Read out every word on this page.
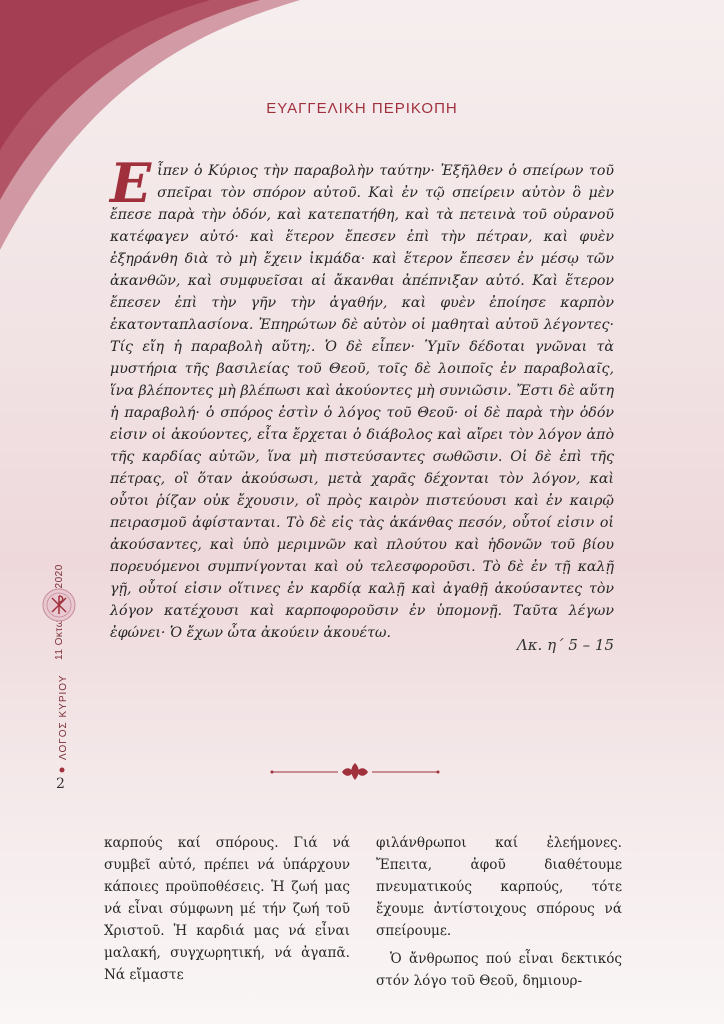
ΕΥΑΓΓΕΛΙΚΗ ΠΕΡΙΚΟΠΗ
Ε ἶπεν ὁ Κύριος τὴν παραβολὴν ταύτην· Ἐξῆλθεν ὁ σπείρων τοῦ σπεῖραι τὸν σπόρον αὐτοῦ. Καὶ ἐν τῷ σπείρειν αὐτὸν ὃ μὲν ἔπεσε παρὰ τὴν ὁδόν, καὶ κατεπατήθη, καὶ τὰ πετεινὰ τοῦ οὐρανοῦ κατέφαγεν αὐτό· καὶ ἕτερον ἔπεσεν ἐπὶ τὴν πέτραν, καὶ φυὲν ἐξηράνθη διὰ τὸ μὴ ἔχειν ἰκμάδα· καὶ ἕτερον ἔπεσεν ἐν μέσῳ τῶν ἀκανθῶν, καὶ συμφυεῖσαι αἱ ἄκανθαι ἀπέπνιξαν αὐτό. Καὶ ἕτερον ἔπεσεν ἐπὶ τὴν γῆν τὴν ἀγαθήν, καὶ φυὲν ἐποίησε καρπὸν ἑκατονταπλασίονα. Ἐπηρώτων δὲ αὐτὸν οἱ μαθηταὶ αὐτοῦ λέγοντες· Τίς εἴη ἡ παραβολὴ αὕτη;. Ὁ δὲ εἶπεν· Ὑμῖν δέδοται γνῶναι τὰ μυστήρια τῆς βασιλείας τοῦ Θεοῦ, τοῖς δὲ λοιποῖς ἐν παραβολαῖς, ἵνα βλέποντες μὴ βλέπωσι καὶ ἀκούοντες μὴ συνιῶσιν. Ἔστι δὲ αὕτη ἡ παραβολή· ὁ σπόρος ἐστὶν ὁ λόγος τοῦ Θεοῦ· οἱ δὲ παρὰ τὴν ὁδόν εἰσιν οἱ ἀκούοντες, εἶτα ἔρχεται ὁ διάβολος καὶ αἴρει τὸν λόγον ἀπὸ τῆς καρδίας αὐτῶν, ἵνα μὴ πιστεύσαντες σωθῶσιν. Οἱ δὲ ἐπὶ τῆς πέτρας, οἳ ὅταν ἀκούσωσι, μετὰ χαρᾶς δέχονται τὸν λόγον, καὶ οὗτοι ῥίζαν οὐκ ἔχουσιν, οἳ πρὸς καιρὸν πιστεύουσι καὶ ἐν καιρῷ πειρασμοῦ ἀφίστανται. Τὸ δὲ εἰς τὰς ἀκάνθας πεσόν, οὗτοί εἰσιν οἱ ἀκούσαντες, καὶ ὑπὸ μεριμνῶν καὶ πλούτου καὶ ἡδονῶν τοῦ βίου πορευόμενοι συμπνίγονται καὶ οὐ τελεσφοροῦσι. Τὸ δὲ ἐν τῇ καλῇ γῇ, οὗτοί εἰσιν οἵτινες ἐν καρδίᾳ καλῇ καὶ ἀγαθῇ ἀκούσαντες τὸν λόγον κατέχουσι καὶ καρποφοροῦσιν ἐν ὑπομονῇ. Ταῦτα λέγων ἐφώνει· Ὁ ἔχων ὦτα ἀκούειν ἀκουέτω.
Λκ. η΄ 5 – 15
11 2020
ΛΟΓΟΣ ΚΥΡΙΟΥ
2

καρπούς καί σπόρους. Γιά νά συμβεῖ αὐτό, πρέπει νά ὑπάρχουν κάποιες προϋποθέσεις. Ἡ ζωή μας νά εἶναι σύμφωνη μέ τήν ζωή τοῦ Χριστοῦ. Ἡ καρδιά μας νά εἶναι μαλακή, συγχωρητική, νά ἀγαπᾶ. Νά εἴμαστε

φιλάνθρωποι καί ἐλεήμονες. Ἔπειτα, ἀφοῦ διαθέτουμε πνευματικούς καρπούς, τότε ἔχουμε ἀντίστοιχους σπόρους νά σπείρουμε.

Ὁ ἄνθρωπος πού εἶναι δεκτικός στόν λόγο τοῦ Θεοῦ, δημιουρ-
